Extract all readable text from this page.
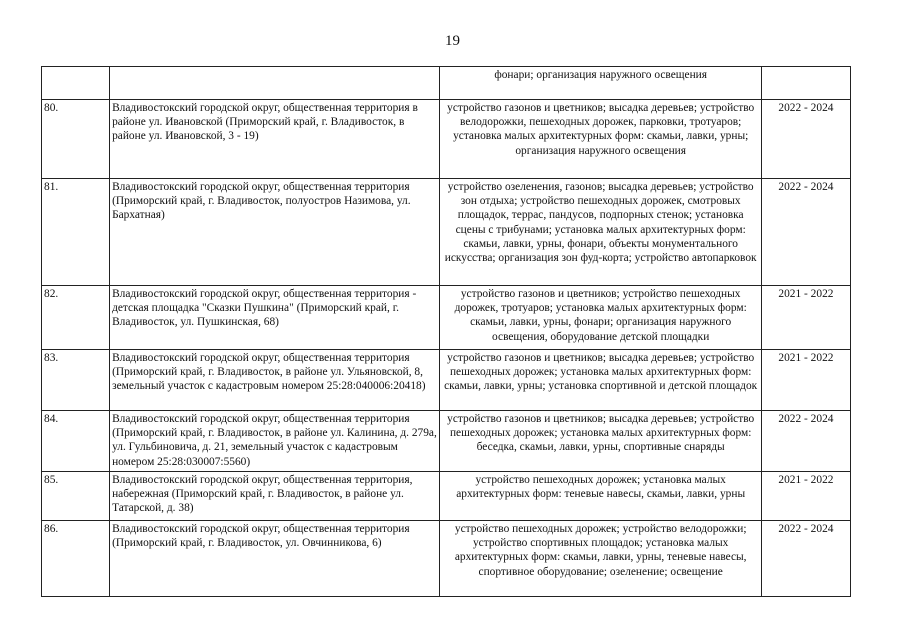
19
		фонари; организация наружного освещения	
80.	Владивостокский городской округ, общественная территория в районе ул. Ивановской (Приморский край, г. Владивосток, в районе ул. Ивановской, 3 - 19)	устройство газонов и цветников; высадка деревьев; устройство велодорожки, пешеходных дорожек, парковки, тротуаров; установка малых архитектурных форм: скамьи, лавки, урны; организация наружного освещения	2022 - 2024
81.	Владивостокский городской округ, общественная территория (Приморский край, г. Владивосток, полуостров Назимова, ул. Бархатная)	устройство озеленения, газонов; высадка деревьев; устройство зон отдыха; устройство пешеходных дорожек, смотровых площадок, террас, пандусов, подпорных стенок; установка сцены с трибунами; установка малых архитектурных форм: скамьи, лавки, урны, фонари, объекты монументального искусства; организация зон фуд-корта; устройство автопарковок	2022 - 2024
82.	Владивостокский городской округ, общественная территория - детская площадка "Сказки Пушкина" (Приморский край, г. Владивосток, ул. Пушкинская, 68)	устройство газонов и цветников; устройство пешеходных дорожек, тротуаров; установка малых архитектурных форм: скамьи, лавки, урны, фонари; организация наружного освещения, оборудование детской площадки	2021 - 2022
83.	Владивостокский городской округ, общественная территория (Приморский край, г. Владивосток, в районе ул. Ульяновской, 8, земельный участок с кадастровым номером 25:28:040006:20418)	устройство газонов и цветников; высадка деревьев; устройство пешеходных дорожек; установка малых архитектурных форм: скамьи, лавки, урны; установка спортивной и детской площадок	2021 - 2022
84.	Владивостокский городской округ, общественная территория (Приморский край, г. Владивосток, в районе ул. Калинина, д. 279а, ул. Гульбиновича, д. 21, земельный участок с кадастровым номером 25:28:030007:5560)	устройство газонов и цветников; высадка деревьев; устройство пешеходных дорожек; установка малых архитектурных форм: беседка, скамьи, лавки, урны, спортивные снаряды	2022 - 2024
85.	Владивостокский городской округ, общественная территория, набережная (Приморский край, г. Владивосток, в районе ул. Татарской, д. 38)	устройство пешеходных дорожек; установка малых архитектурных форм: теневые навесы, скамьи, лавки, урны	2021 - 2022
86.	Владивостокский городской округ, общественная территория (Приморский край, г. Владивосток, ул. Овчинникова, 6)	устройство пешеходных дорожек; устройство велодорожки; устройство спортивных площадок; установка малых архитектурных форм: скамьи, лавки, урны, теневые навесы, спортивное оборудование; озеленение; освещение	2022 - 2024
